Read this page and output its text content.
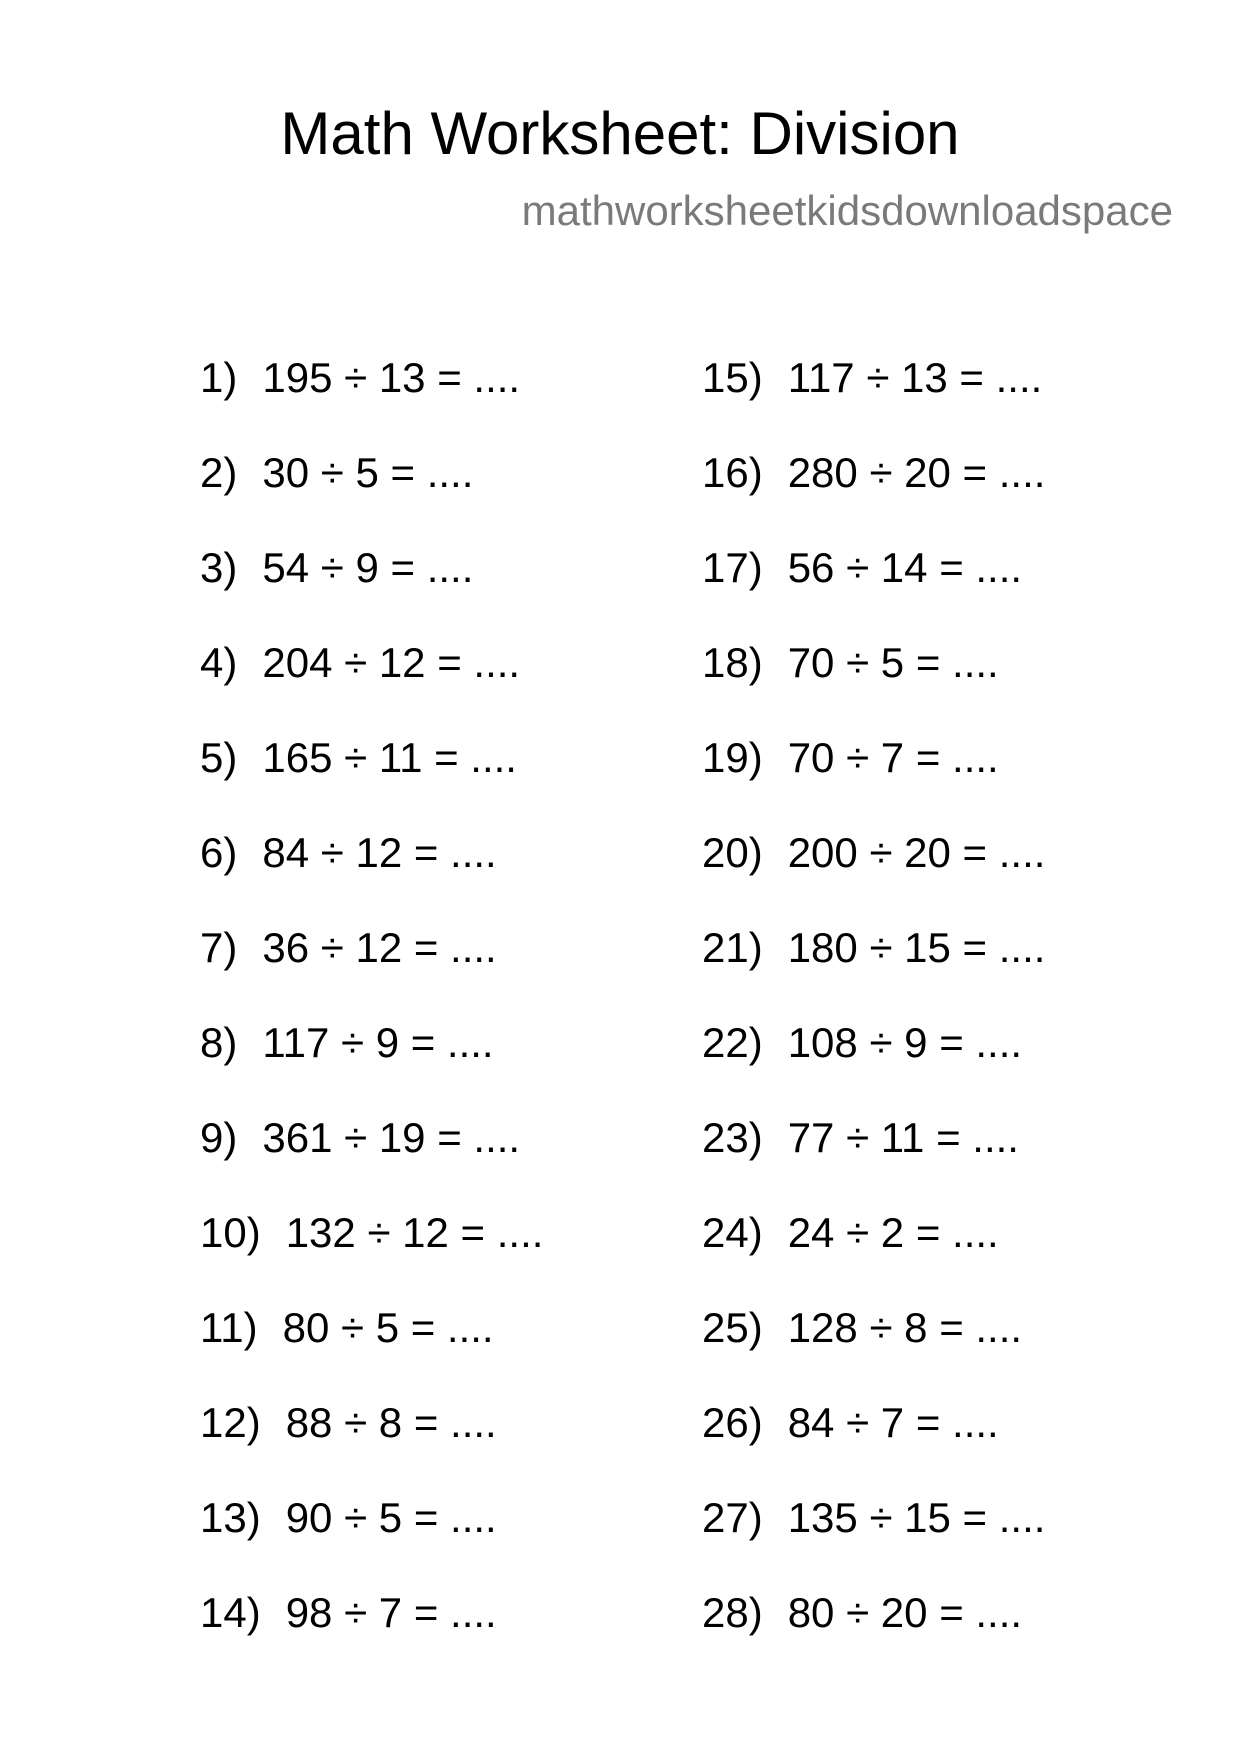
Math Worksheet: Division
mathworksheetkidsdownloadspace
1) 195 ÷ 13 = ....
2) 30 ÷ 5 = ....
3) 54 ÷ 9 = ....
4) 204 ÷ 12 = ....
5) 165 ÷ 11 = ....
6) 84 ÷ 12 = ....
7) 36 ÷ 12 = ....
8) 117 ÷ 9 = ....
9) 361 ÷ 19 = ....
10) 132 ÷ 12 = ....
11) 80 ÷ 5 = ....
12) 88 ÷ 8 = ....
13) 90 ÷ 5 = ....
14) 98 ÷ 7 = ....
15) 117 ÷ 13 = ....
16) 280 ÷ 20 = ....
17) 56 ÷ 14 = ....
18) 70 ÷ 5 = ....
19) 70 ÷ 7 = ....
20) 200 ÷ 20 = ....
21) 180 ÷ 15 = ....
22) 108 ÷ 9 = ....
23) 77 ÷ 11 = ....
24) 24 ÷ 2 = ....
25) 128 ÷ 8 = ....
26) 84 ÷ 7 = ....
27) 135 ÷ 15 = ....
28) 80 ÷ 20 = ....
